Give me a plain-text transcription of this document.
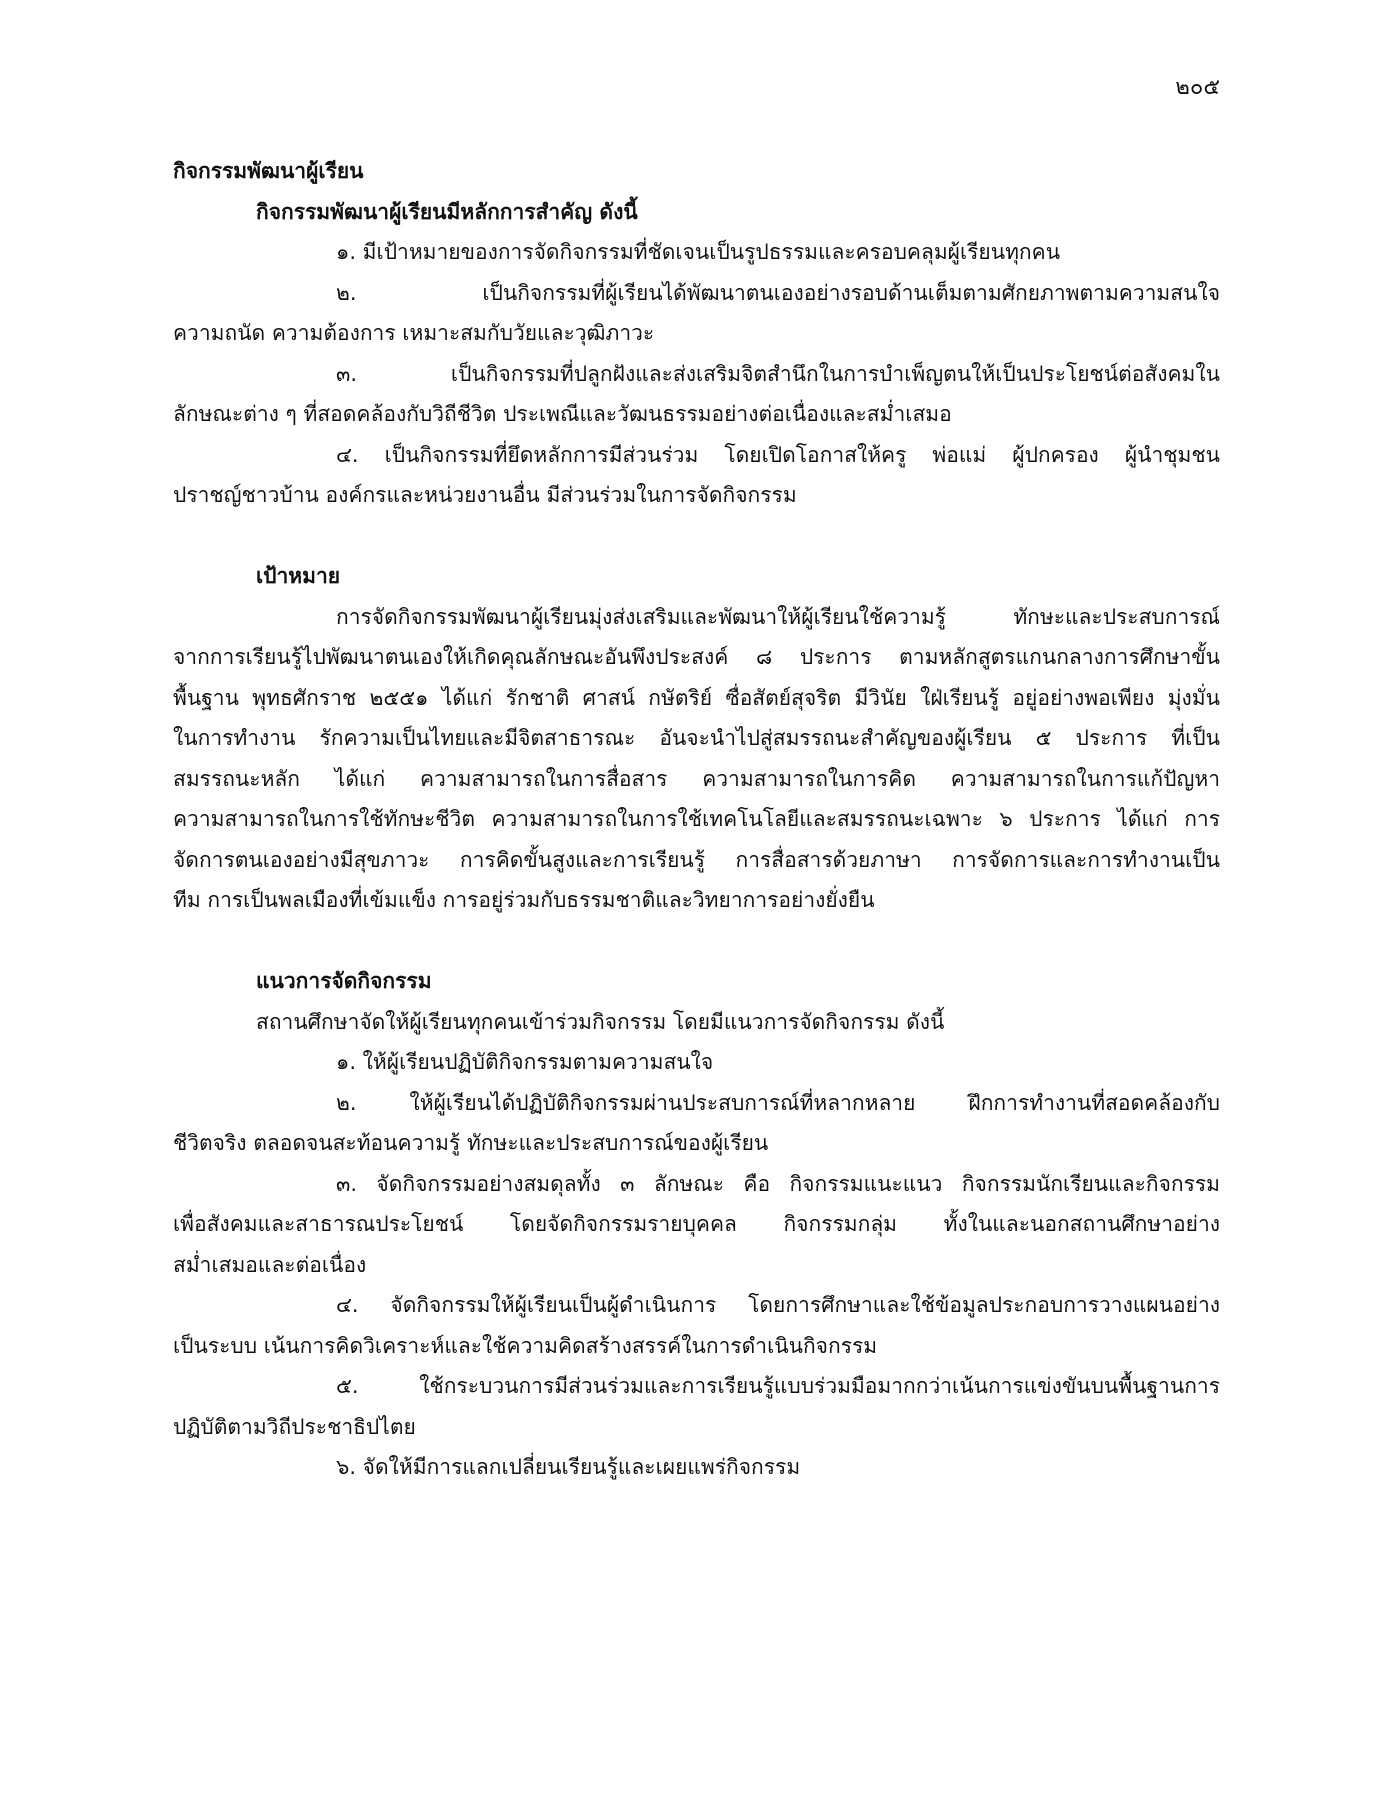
๒๐๕
กิจกรรมพัฒนาผู้เรียน
กิจกรรมพัฒนาผู้เรียนมีหลักการสำคัญ ดังนี้
๑. มีเป้าหมายของการจัดกิจกรรมที่ชัดเจนเป็นรูปธรรมและครอบคลุมผู้เรียนทุกคน
๒. เป็นกิจกรรมที่ผู้เรียนได้พัฒนาตนเองอย่างรอบด้านเต็มตามศักยภาพตามความสนใจ
ความถนัด ความต้องการ เหมาะสมกับวัยและวุฒิภาวะ
๓. เป็นกิจกรรมที่ปลูกฝังและส่งเสริมจิตสำนึกในการบำเพ็ญตนให้เป็นประโยชน์ต่อสังคมใน
ลักษณะต่าง ๆ ที่สอดคล้องกับวิถีชีวิต ประเพณีและวัฒนธรรมอย่างต่อเนื่องและสม่ำเสมอ
๔. เป็นกิจกรรมที่ยึดหลักการมีส่วนร่วม โดยเปิดโอกาสให้ครู พ่อแม่ ผู้ปกครอง ผู้นำชุมชน
ปราชญ์ชาวบ้าน องค์กรและหน่วยงานอื่น มีส่วนร่วมในการจัดกิจกรรม
เป้าหมาย
การจัดกิจกรรมพัฒนาผู้เรียนมุ่งส่งเสริมและพัฒนาให้ผู้เรียนใช้ความรู้ ทักษะและประสบการณ์
จากการเรียนรู้ไปพัฒนาตนเองให้เกิดคุณลักษณะอันพึงประสงค์ ๘ ประการ ตามหลักสูตรแกนกลางการศึกษาขั้น
พื้นฐาน พุทธศักราช ๒๕๕๑ ได้แก่ รักชาติ ศาสน์ กษัตริย์ ซื่อสัตย์สุจริต มีวินัย ใฝ่เรียนรู้ อยู่อย่างพอเพียง มุ่งมั่น
ในการทำงาน รักความเป็นไทยและมีจิตสาธารณะ อันจะนำไปสู่สมรรถนะสำคัญของผู้เรียน ๕ ประการ ที่เป็น
สมรรถนะหลัก ได้แก่ ความสามารถในการสื่อสาร ความสามารถในการคิด ความสามารถในการแก้ปัญหา
ความสามารถในการใช้ทักษะชีวิต ความสามารถในการใช้เทคโนโลยีและสมรรถนะเฉพาะ ๖ ประการ ได้แก่ การ
จัดการตนเองอย่างมีสุขภาวะ การคิดขั้นสูงและการเรียนรู้ การสื่อสารด้วยภาษา การจัดการและการทำงานเป็น
ทีม การเป็นพลเมืองที่เข้มแข็ง การอยู่ร่วมกับธรรมชาติและวิทยาการอย่างยั่งยืน
แนวการจัดกิจกรรม
สถานศึกษาจัดให้ผู้เรียนทุกคนเข้าร่วมกิจกรรม โดยมีแนวการจัดกิจกรรม ดังนี้
๑. ให้ผู้เรียนปฏิบัติกิจกรรมตามความสนใจ
๒. ให้ผู้เรียนได้ปฏิบัติกิจกรรมผ่านประสบการณ์ที่หลากหลาย ฝึกการทำงานที่สอดคล้องกับ
ชีวิตจริง ตลอดจนสะท้อนความรู้ ทักษะและประสบการณ์ของผู้เรียน
๓. จัดกิจกรรมอย่างสมดุลทั้ง ๓ ลักษณะ คือ กิจกรรมแนะแนว กิจกรรมนักเรียนและกิจกรรม
เพื่อสังคมและสาธารณประโยชน์ โดยจัดกิจกรรมรายบุคคล กิจกรรมกลุ่ม ทั้งในและนอกสถานศึกษาอย่าง
สม่ำเสมอและต่อเนื่อง
๔. จัดกิจกรรมให้ผู้เรียนเป็นผู้ดำเนินการ โดยการศึกษาและใช้ข้อมูลประกอบการวางแผนอย่าง
เป็นระบบ เน้นการคิดวิเคราะห์และใช้ความคิดสร้างสรรค์ในการดำเนินกิจกรรม
๕. ใช้กระบวนการมีส่วนร่วมและการเรียนรู้แบบร่วมมือมากกว่าเน้นการแข่งขันบนพื้นฐานการ
ปฏิบัติตามวิถีประชาธิปไตย
๖. จัดให้มีการแลกเปลี่ยนเรียนรู้และเผยแพร่กิจกรรม
